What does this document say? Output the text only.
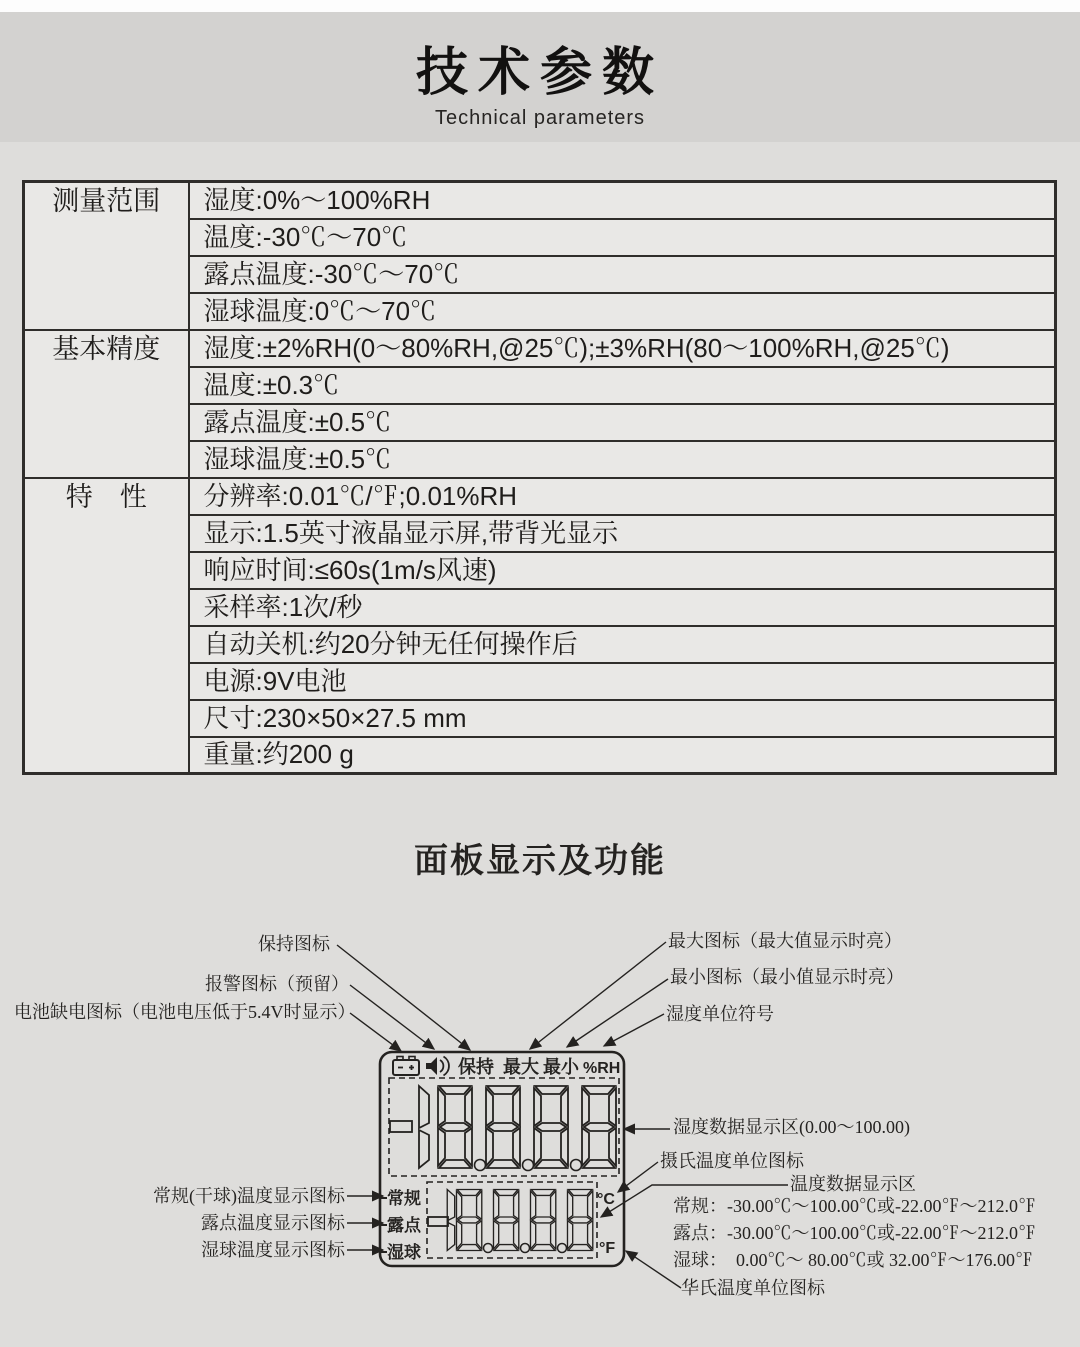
技术参数
Technical parameters
测量范围	湿度:0%～100%RH
	温度:-30℃～70℃
	露点温度:-30℃～70℃
	湿球温度:0℃～70℃
基本精度	湿度:±2%RH(0～80%RH,@25℃);±3%RH(80～100%RH,@25℃)
	温度:±0.3℃
	露点温度:±0.5℃
	湿球温度:±0.5℃
特　性	分辨率:0.01℃/℉;0.01%RH
	显示:1.5英寸液晶显示屏,带背光显示
	响应时间:≤60s(1m/s风速)
	采样率:1次/秒
	自动关机:约20分钟无任何操作后
	电源:9V电池
	尺寸:230×50×27.5 mm
	重量:约200 g
面板显示及功能
保持图标
报警图标（预留）
电池缺电图标（电池电压低于5.4V时显示）
最大图标（最大值显示时亮）
最小图标（最小值显示时亮）
湿度单位符号
湿度数据显示区(0.00～100.00)
摄氏温度单位图标
温度数据显示区
常规：-30.00℃～100.00℃或-22.00℉～212.0℉
露点：-30.00℃～100.00℃或-22.00℉～212.0℉
湿球：  0.00℃～ 80.00℃或 32.00℉～176.00℉
华氏温度单位图标
常规(干球)温度显示图标
露点温度显示图标
湿球温度显示图标
保持 最大 最小 %RH
常规
露点
湿球
°C
°F
